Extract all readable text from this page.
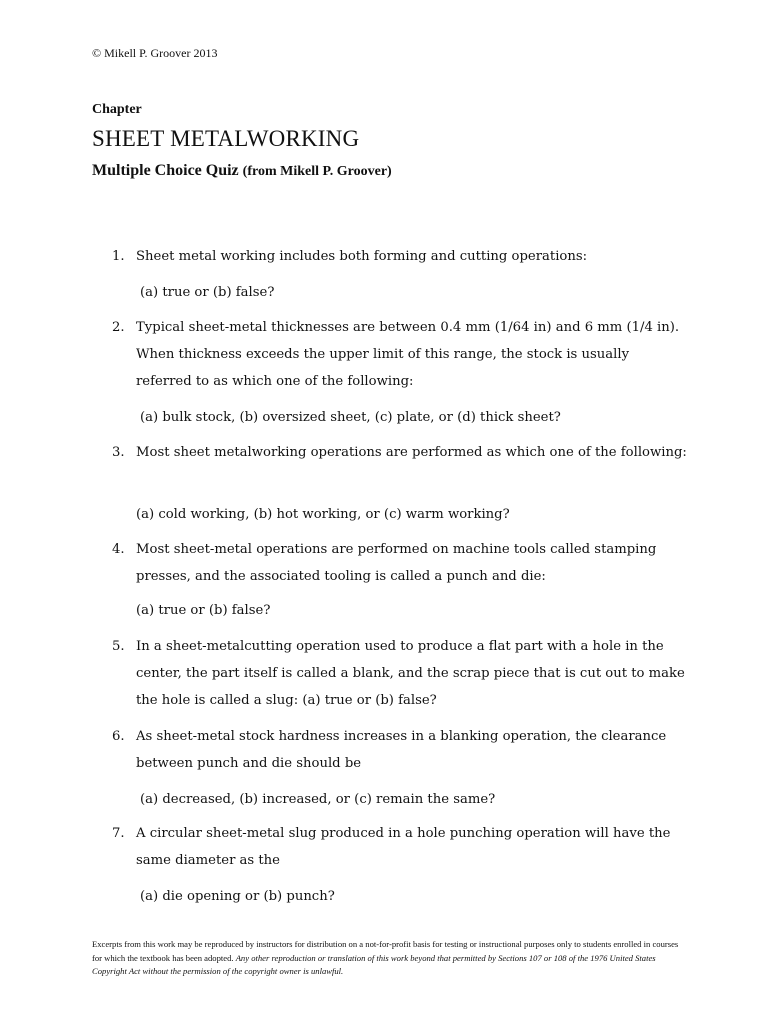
© Mikell P. Groover 2013
Chapter
SHEET METALWORKING
Multiple Choice Quiz (from Mikell P. Groover)
1. Sheet metal working includes both forming and cutting operations:
(a) true or (b) false?
2. Typical sheet-metal thicknesses are between 0.4 mm (1/64 in) and 6 mm (1/4 in). When thickness exceeds the upper limit of this range, the stock is usually referred to as which one of the following:
(a) bulk stock, (b) oversized sheet, (c) plate, or (d) thick sheet?
3. Most sheet metalworking operations are performed as which one of the following:
(a) cold working, (b) hot working, or (c) warm working?
4. Most sheet-metal operations are performed on machine tools called stamping presses, and the associated tooling is called a punch and die:
(a) true or (b) false?
5. In a sheet-metalcutting operation used to produce a flat part with a hole in the center, the part itself is called a blank, and the scrap piece that is cut out to make the hole is called a slug: (a) true or (b) false?
6. As sheet-metal stock hardness increases in a blanking operation, the clearance between punch and die should be
(a) decreased, (b) increased, or (c) remain the same?
7. A circular sheet-metal slug produced in a hole punching operation will have the same diameter as the
(a) die opening or (b) punch?
Excerpts from this work may be reproduced by instructors for distribution on a not-for-profit basis for testing or instructional purposes only to students enrolled in courses for which the textbook has been adopted. Any other reproduction or translation of this work beyond that permitted by Sections 107 or 108 of the 1976 United States Copyright Act without the permission of the copyright owner is unlawful.
